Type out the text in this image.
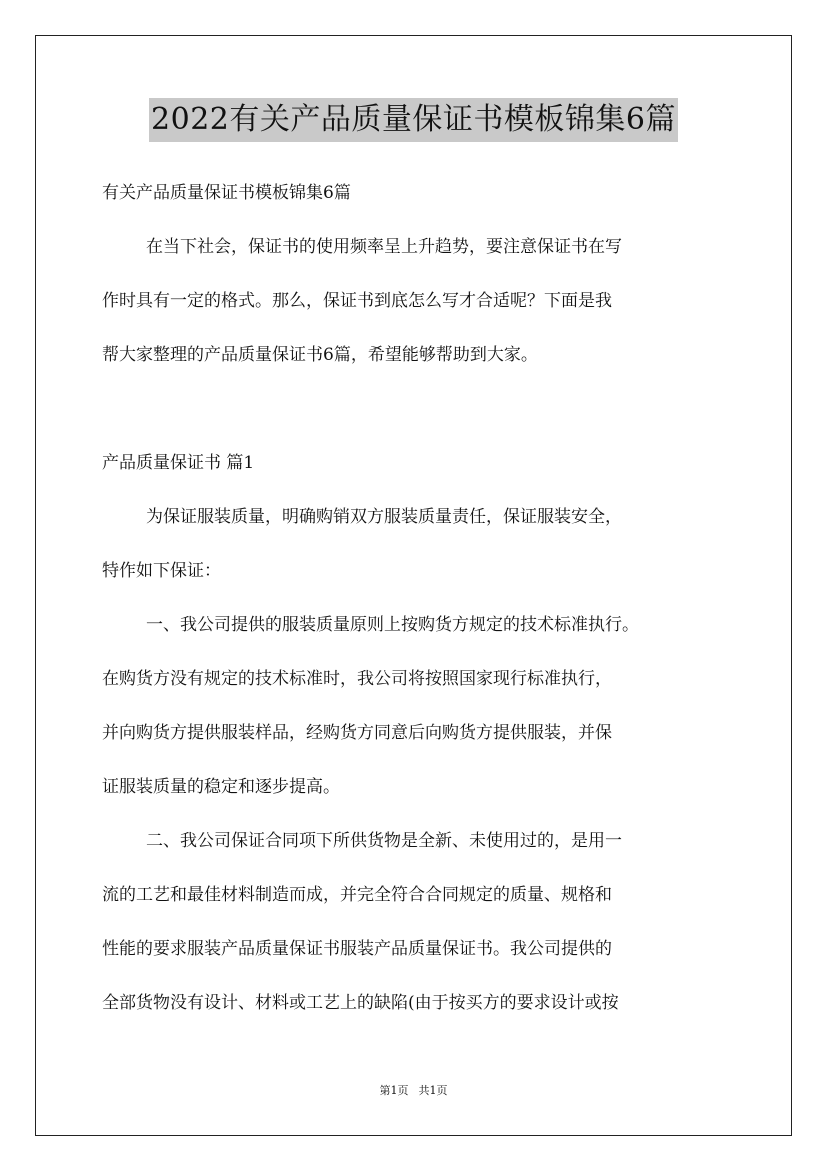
2022有关产品质量保证书模板锦集6篇
有关产品质量保证书模板锦集6篇
在当下社会，保证书的使用频率呈上升趋势，要注意保证书在写
作时具有一定的格式。那么，保证书到底怎么写才合适呢？下面是我
帮大家整理的产品质量保证书6篇，希望能够帮助到大家。
产品质量保证书 篇1
为保证服装质量，明确购销双方服装质量责任，保证服装安全，
特作如下保证：
一、我公司提供的服装质量原则上按购货方规定的技术标准执行。
在购货方没有规定的技术标准时，我公司将按照国家现行标准执行，
并向购货方提供服装样品，经购货方同意后向购货方提供服装，并保
证服装质量的稳定和逐步提高。
二、我公司保证合同项下所供货物是全新、未使用过的，是用一
流的工艺和最佳材料制造而成，并完全符合合同规定的质量、规格和
性能的要求服装产品质量保证书服装产品质量保证书。我公司提供的
全部货物没有设计、材料或工艺上的缺陷(由于按买方的要求设计或按
第1页 共1页
